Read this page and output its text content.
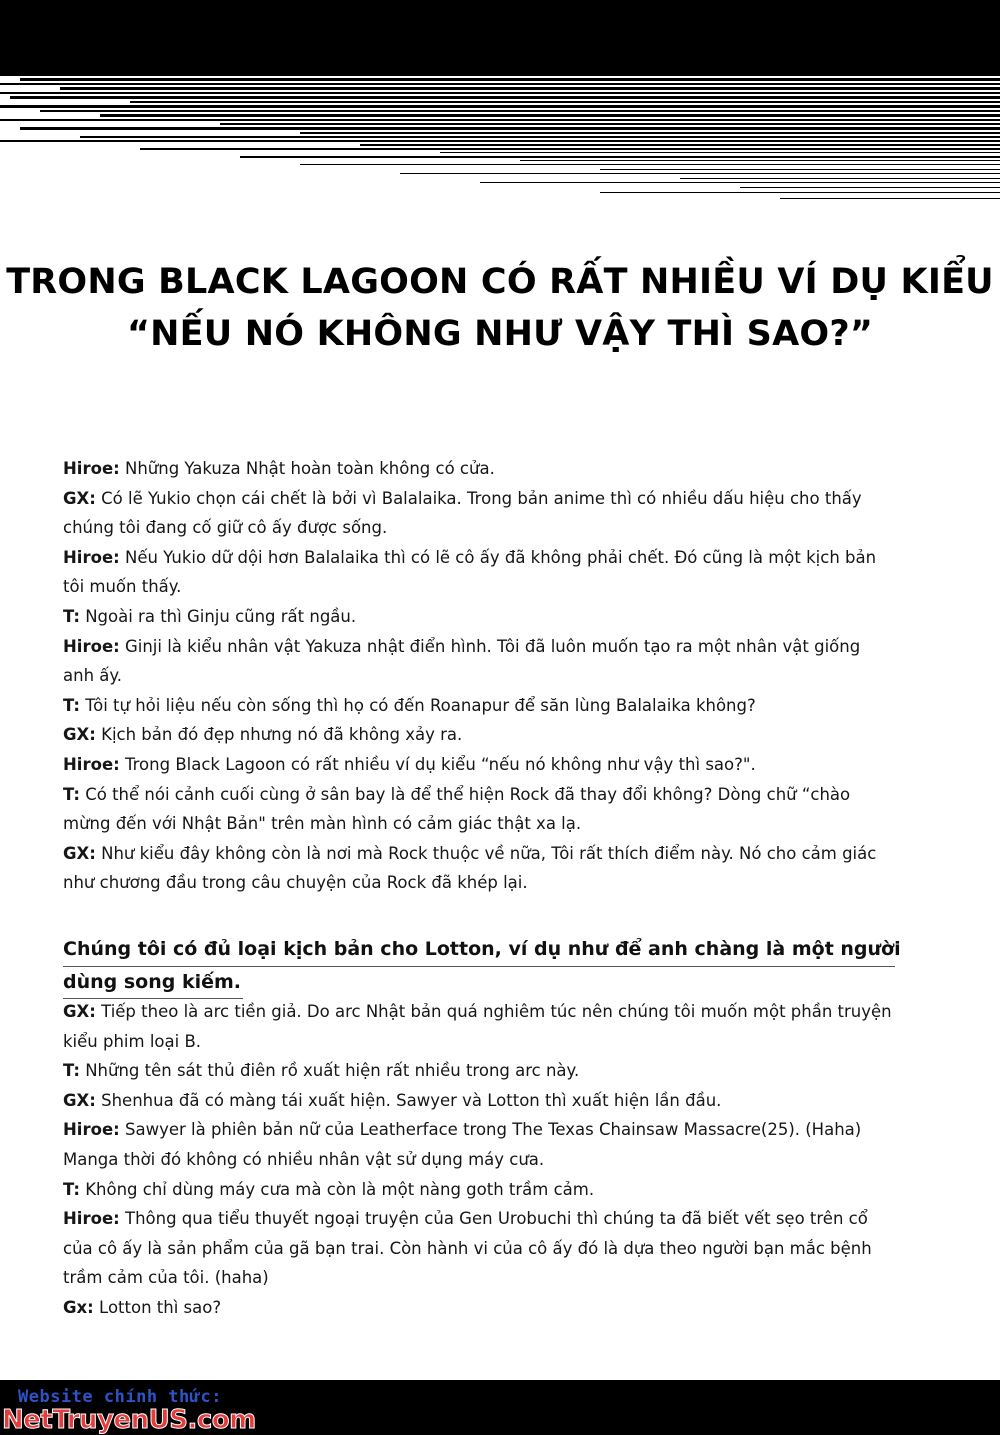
TRONG BLACK LAGOON CÓ RẤT NHIỀU VÍ DỤ KIỂU
“NẾU NÓ KHÔNG NHƯ VẬY THÌ SAO?”

Hiroe: Những Yakuza Nhật hoàn toàn không có cửa.

GX: Có lẽ Yukio chọn cái chết là bởi vì Balalaika. Trong bản anime thì có nhiều dấu hiệu cho thấy

chúng tôi đang cố giữ cô ấy được sống.

Hiroe: Nếu Yukio dữ dội hơn Balalaika thì có lẽ cô ấy đã không phải chết. Đó cũng là một kịch bản

tôi muốn thấy.

T: Ngoài ra thì Ginju cũng rất ngầu.

Hiroe: Ginji là kiểu nhân vật Yakuza nhật điển hình. Tôi đã luôn muốn tạo ra một nhân vật giống

anh ấy.

T: Tôi tự hỏi liệu nếu còn sống thì họ có đến Roanapur để săn lùng Balalaika không?

GX: Kịch bản đó đẹp nhưng nó đã không xảy ra.

Hiroe: Trong Black Lagoon có rất nhiều ví dụ kiểu “nếu nó không như vậy thì sao?".

T: Có thể nói cảnh cuối cùng ở sân bay là để thể hiện Rock đã thay đổi không? Dòng chữ “chào

mừng đến với Nhật Bản" trên màn hình có cảm giác thật xa lạ.

GX: Như kiểu đây không còn là nơi mà Rock thuộc về nữa, Tôi rất thích điểm này. Nó cho cảm giác

như chương đầu trong câu chuyện của Rock đã khép lại.

Chúng tôi có đủ loại kịch bản cho Lotton, ví dụ như để anh chàng là một người
dùng song kiếm.

GX: Tiếp theo là arc tiền giả. Do arc Nhật bản quá nghiêm túc nên chúng tôi muốn một phần truyện

kiểu phim loại B.

T: Những tên sát thủ điên rồ xuất hiện rất nhiều trong arc này.

GX: Shenhua đã có màng tái xuất hiện. Sawyer và Lotton thì xuất hiện lần đầu.

Hiroe: Sawyer là phiên bản nữ của Leatherface trong The Texas Chainsaw Massacre(25). (Haha)

Manga thời đó không có nhiều nhân vật sử dụng máy cưa.

T: Không chỉ dùng máy cưa mà còn là một nàng goth trầm cảm.

Hiroe: Thông qua tiểu thuyết ngoại truyện của Gen Urobuchi thì chúng ta đã biết vết sẹo trên cổ

của cô ấy là sản phẩm của gã bạn trai. Còn hành vi của cô ấy đó là dựa theo người bạn mắc bệnh

trầm cảm của tôi. (haha)

Gx: Lotton thì sao?

Website chính thức:
NetTruyenUS.com
